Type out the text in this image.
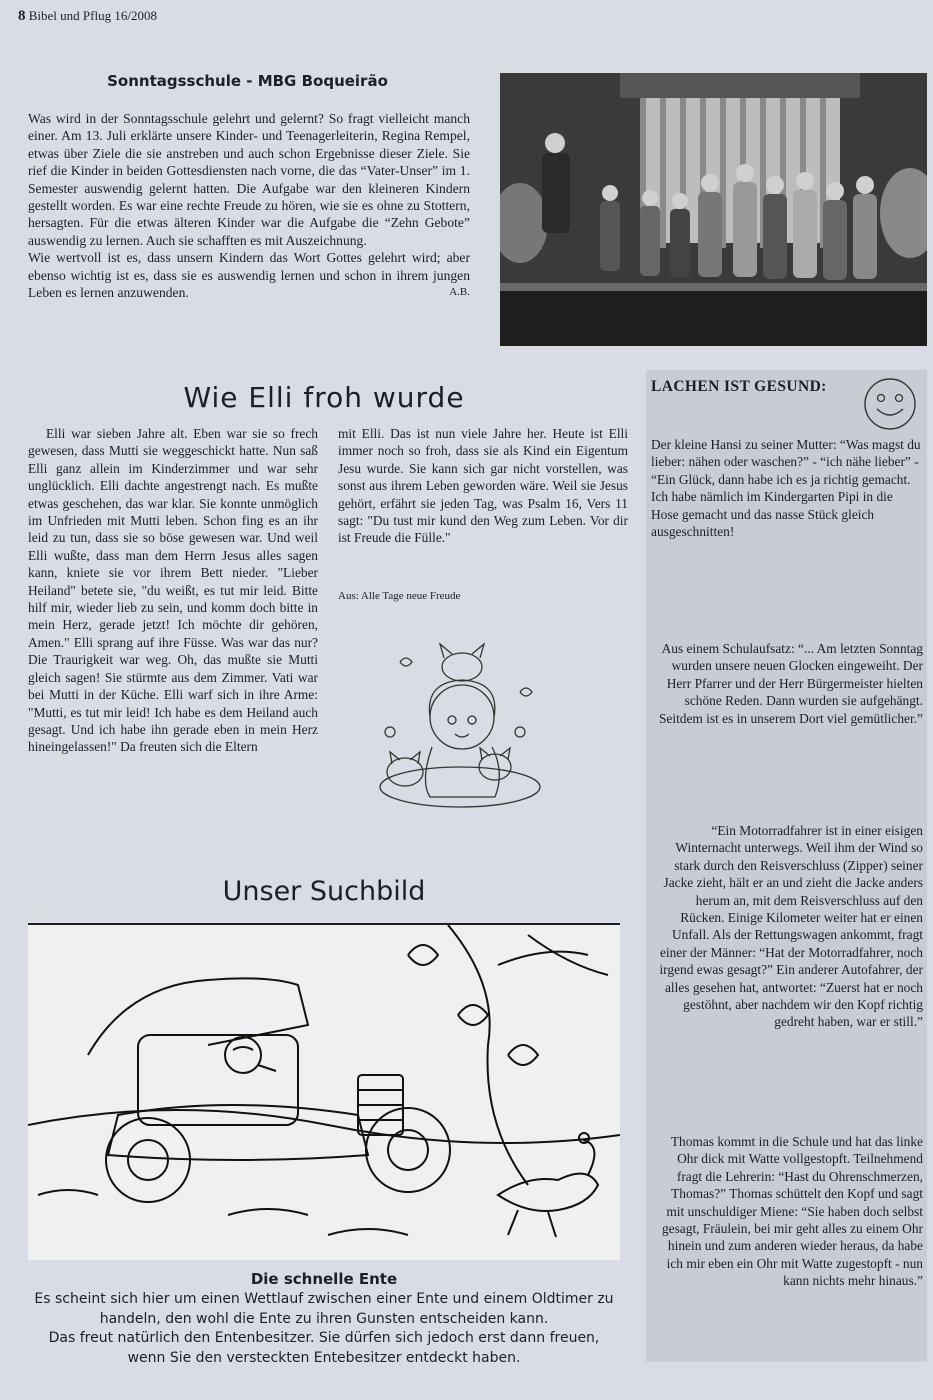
8 Bibel und Pflug 16/2008
Sonntagsschule - MBG Boqueirão

Was wird in der Sonntagsschule gelehrt und gelernt? So fragt vielleicht manch einer. Am 13. Juli erklärte unsere Kinder- und Teenagerleiterin, Regina Rempel, etwas über Ziele die sie anstreben und auch schon Ergebnisse dieser Ziele. Sie rief die Kinder in beiden Gottesdiensten nach vorne, die das “Vater-Unser” im 1. Semester auswendig gelernt hatten. Die Aufgabe war den kleineren Kindern gestellt worden. Es war eine rechte Freude zu hören, wie sie es ohne zu Stottern, hersagten. Für die etwas älteren Kinder war die Aufgabe die “Zehn Gebote” auswendig zu lernen. Auch sie schafften es mit Auszeichnung.

Wie wertvoll ist es, dass unsern Kindern das Wort Gottes gelehrt wird; aber ebenso wichtig ist es, dass sie es auswendig lernen und schon in ihrem jungen Leben es lernen anzuwenden.	A.B.

Wie Elli froh wurde
Elli war sieben Jahre alt. Eben war sie so frech gewesen, dass Mutti sie weggeschickt hatte. Nun saß Elli ganz allein im Kinderzimmer und war sehr unglücklich. Elli dachte angestrengt nach. Es mußte etwas geschehen, das war klar. Sie konnte unmöglich im Unfrieden mit Mutti leben. Schon fing es an ihr leid zu tun, dass sie so böse gewesen war. Und weil Elli wußte, dass man dem Herrn Jesus alles sagen kann, kniete sie vor ihrem Bett nieder. "Lieber Heiland" betete sie, "du weißt, es tut mir leid. Bitte hilf mir, wieder lieb zu sein, und komm doch bitte in mein Herz, gerade jetzt! Ich möchte dir gehören, Amen." Elli sprang auf ihre Füsse. Was war das nur? Die Traurigkeit war weg. Oh, das mußte sie Mutti gleich sagen! Sie stürmte aus dem Zimmer. Vati war bei Mutti in der Küche. Elli warf sich in ihre Arme: "Mutti, es tut mir leid! Ich habe es dem Heiland auch gesagt. Und ich habe ihn gerade eben in mein Herz hineingelassen!" Da freuten sich die Eltern
mit Elli. Das ist nun viele Jahre her. Heute ist Elli immer noch so froh, dass sie als Kind ein Eigentum Jesu wurde. Sie kann sich gar nicht vorstellen, was sonst aus ihrem Leben geworden wäre. Weil sie Jesus gehört, erfährt sie jeden Tag, was Psalm 16, Vers 11 sagt: "Du tust mir kund den Weg zum Leben. Vor dir ist Freude die Fülle."
Aus: Alle Tage neue Freude
Unser Suchbild
Die schnelle Ente
Es scheint sich hier um einen Wettlauf zwischen einer Ente und einem Oldtimer zu
handeln, den wohl die Ente zu ihren Gunsten entscheiden kann.
Das freut natürlich den Entenbesitzer. Sie dürfen sich jedoch erst dann freuen,
wenn Sie den versteckten Entebesitzer entdeckt haben.
LACHEN IST GESUND:
Der kleine Hansi zu seiner Mutter: “Was magst du lieber: nähen oder waschen?” - “ich nähe lieber” - “Ein Glück, dann habe ich es ja richtig gemacht. Ich habe nämlich im Kindergarten Pipi in die Hose gemacht und das nasse Stück gleich ausgeschnitten!
Aus einem Schulaufsatz: “... Am letzten Sonntag wurden unsere neuen Glocken eingeweiht. Der Herr Pfarrer und der Herr Bürgermeister hielten schöne Reden. Dann wurden sie aufgehängt. Seitdem ist es in unserem Dort viel gemütlicher.”
“Ein Motorradfahrer ist in einer eisigen Winternacht unterwegs. Weil ihm der Wind so stark durch den Reisverschluss (Zipper) seiner Jacke zieht, hält er an und zieht die Jacke anders herum an, mit dem Reisverschluss auf den Rücken. Einige Kilometer weiter hat er einen Unfall. Als der Rettungswagen ankommt, fragt einer der Männer: “Hat der Motorradfahrer, noch irgend ewas gesagt?” Ein anderer Autofahrer, der alles gesehen hat, antwortet: “Zuerst hat er noch gestöhnt, aber nachdem wir den Kopf richtig gedreht haben, war er still.”
Thomas kommt in die Schule und hat das linke Ohr dick mit Watte vollgestopft. Teilnehmend fragt die Lehrerin: “Hast du Ohrenschmerzen, Thomas?” Thomas schüttelt den Kopf und sagt mit unschuldiger Miene: “Sie haben doch selbst gesagt, Fräulein, bei mir geht alles zu einem Ohr hinein und zum anderen wieder heraus, da habe ich mir eben ein Ohr mit Watte zugestopft - nun kann nichts mehr hinaus.”
